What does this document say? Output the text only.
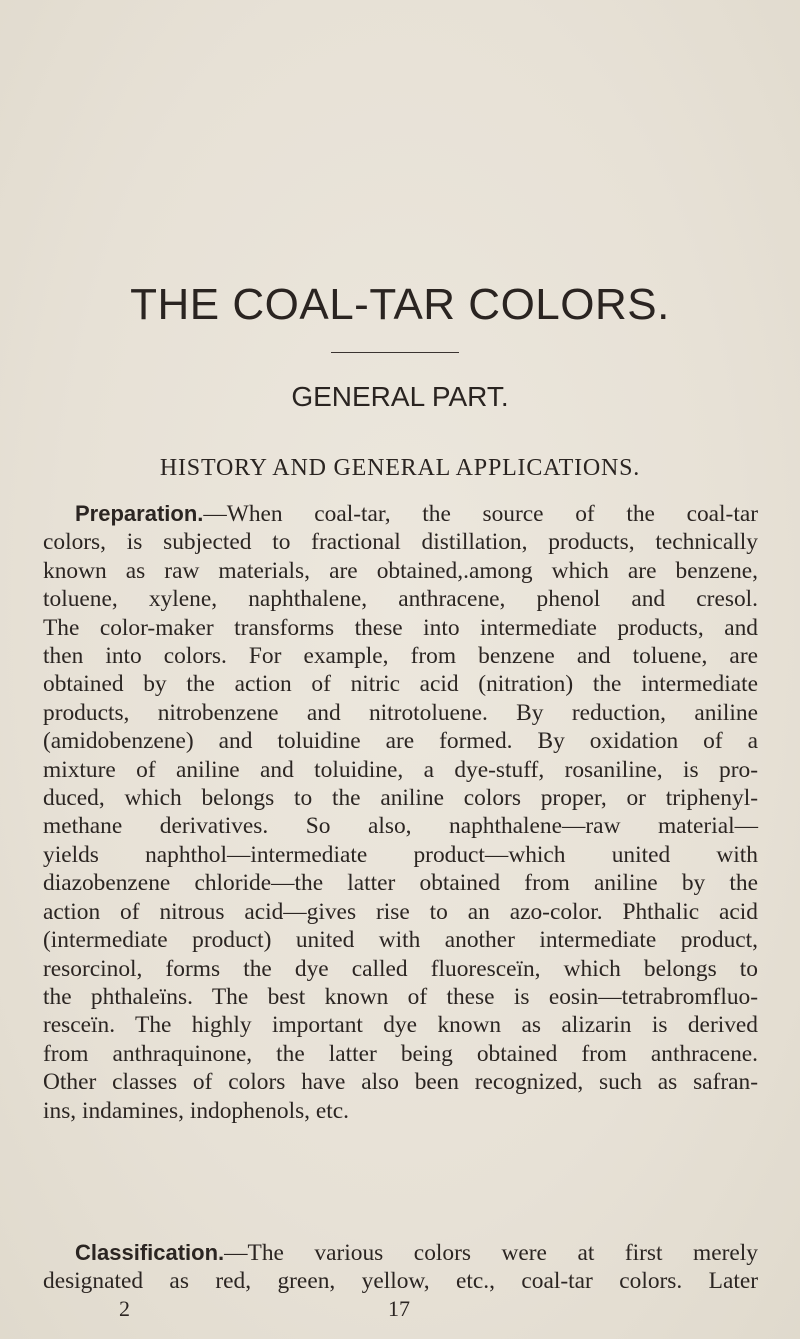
THE COAL-TAR COLORS.
GENERAL PART.
HISTORY AND GENERAL APPLICATIONS.
Preparation.—When coal-tar, the source of the coal-tar
colors, is subjected to fractional distillation, products, technically
known as raw materials, are obtained,.among which are benzene,
toluene, xylene, naphthalene, anthracene, phenol and cresol.
The color-maker transforms these into intermediate products, and
then into colors. For example, from benzene and toluene, are
obtained by the action of nitric acid (nitration) the intermediate
products, nitrobenzene and nitrotoluene. By reduction, aniline
(amidobenzene) and toluidine are formed. By oxidation of a
mixture of aniline and toluidine, a dye-stuff, rosaniline, is pro-
duced, which belongs to the aniline colors proper, or triphenyl-
methane derivatives. So also, naphthalene—raw material—
yields naphthol—intermediate product—which united with
diazobenzene chloride—the latter obtained from aniline by the
action of nitrous acid—gives rise to an azo-color. Phthalic acid
(intermediate product) united with another intermediate product,
resorcinol, forms the dye called fluoresceïn, which belongs to
the phthaleïns. The best known of these is eosin—tetrabromfluo-
resceïn. The highly important dye known as alizarin is derived
from anthraquinone, the latter being obtained from anthracene.
Other classes of colors have also been recognized, such as safran-
ins, indamines, indophenols, etc.
Classification.—The various colors were at first merely
designated as red, green, yellow, etc., coal-tar colors. Later
2	17
